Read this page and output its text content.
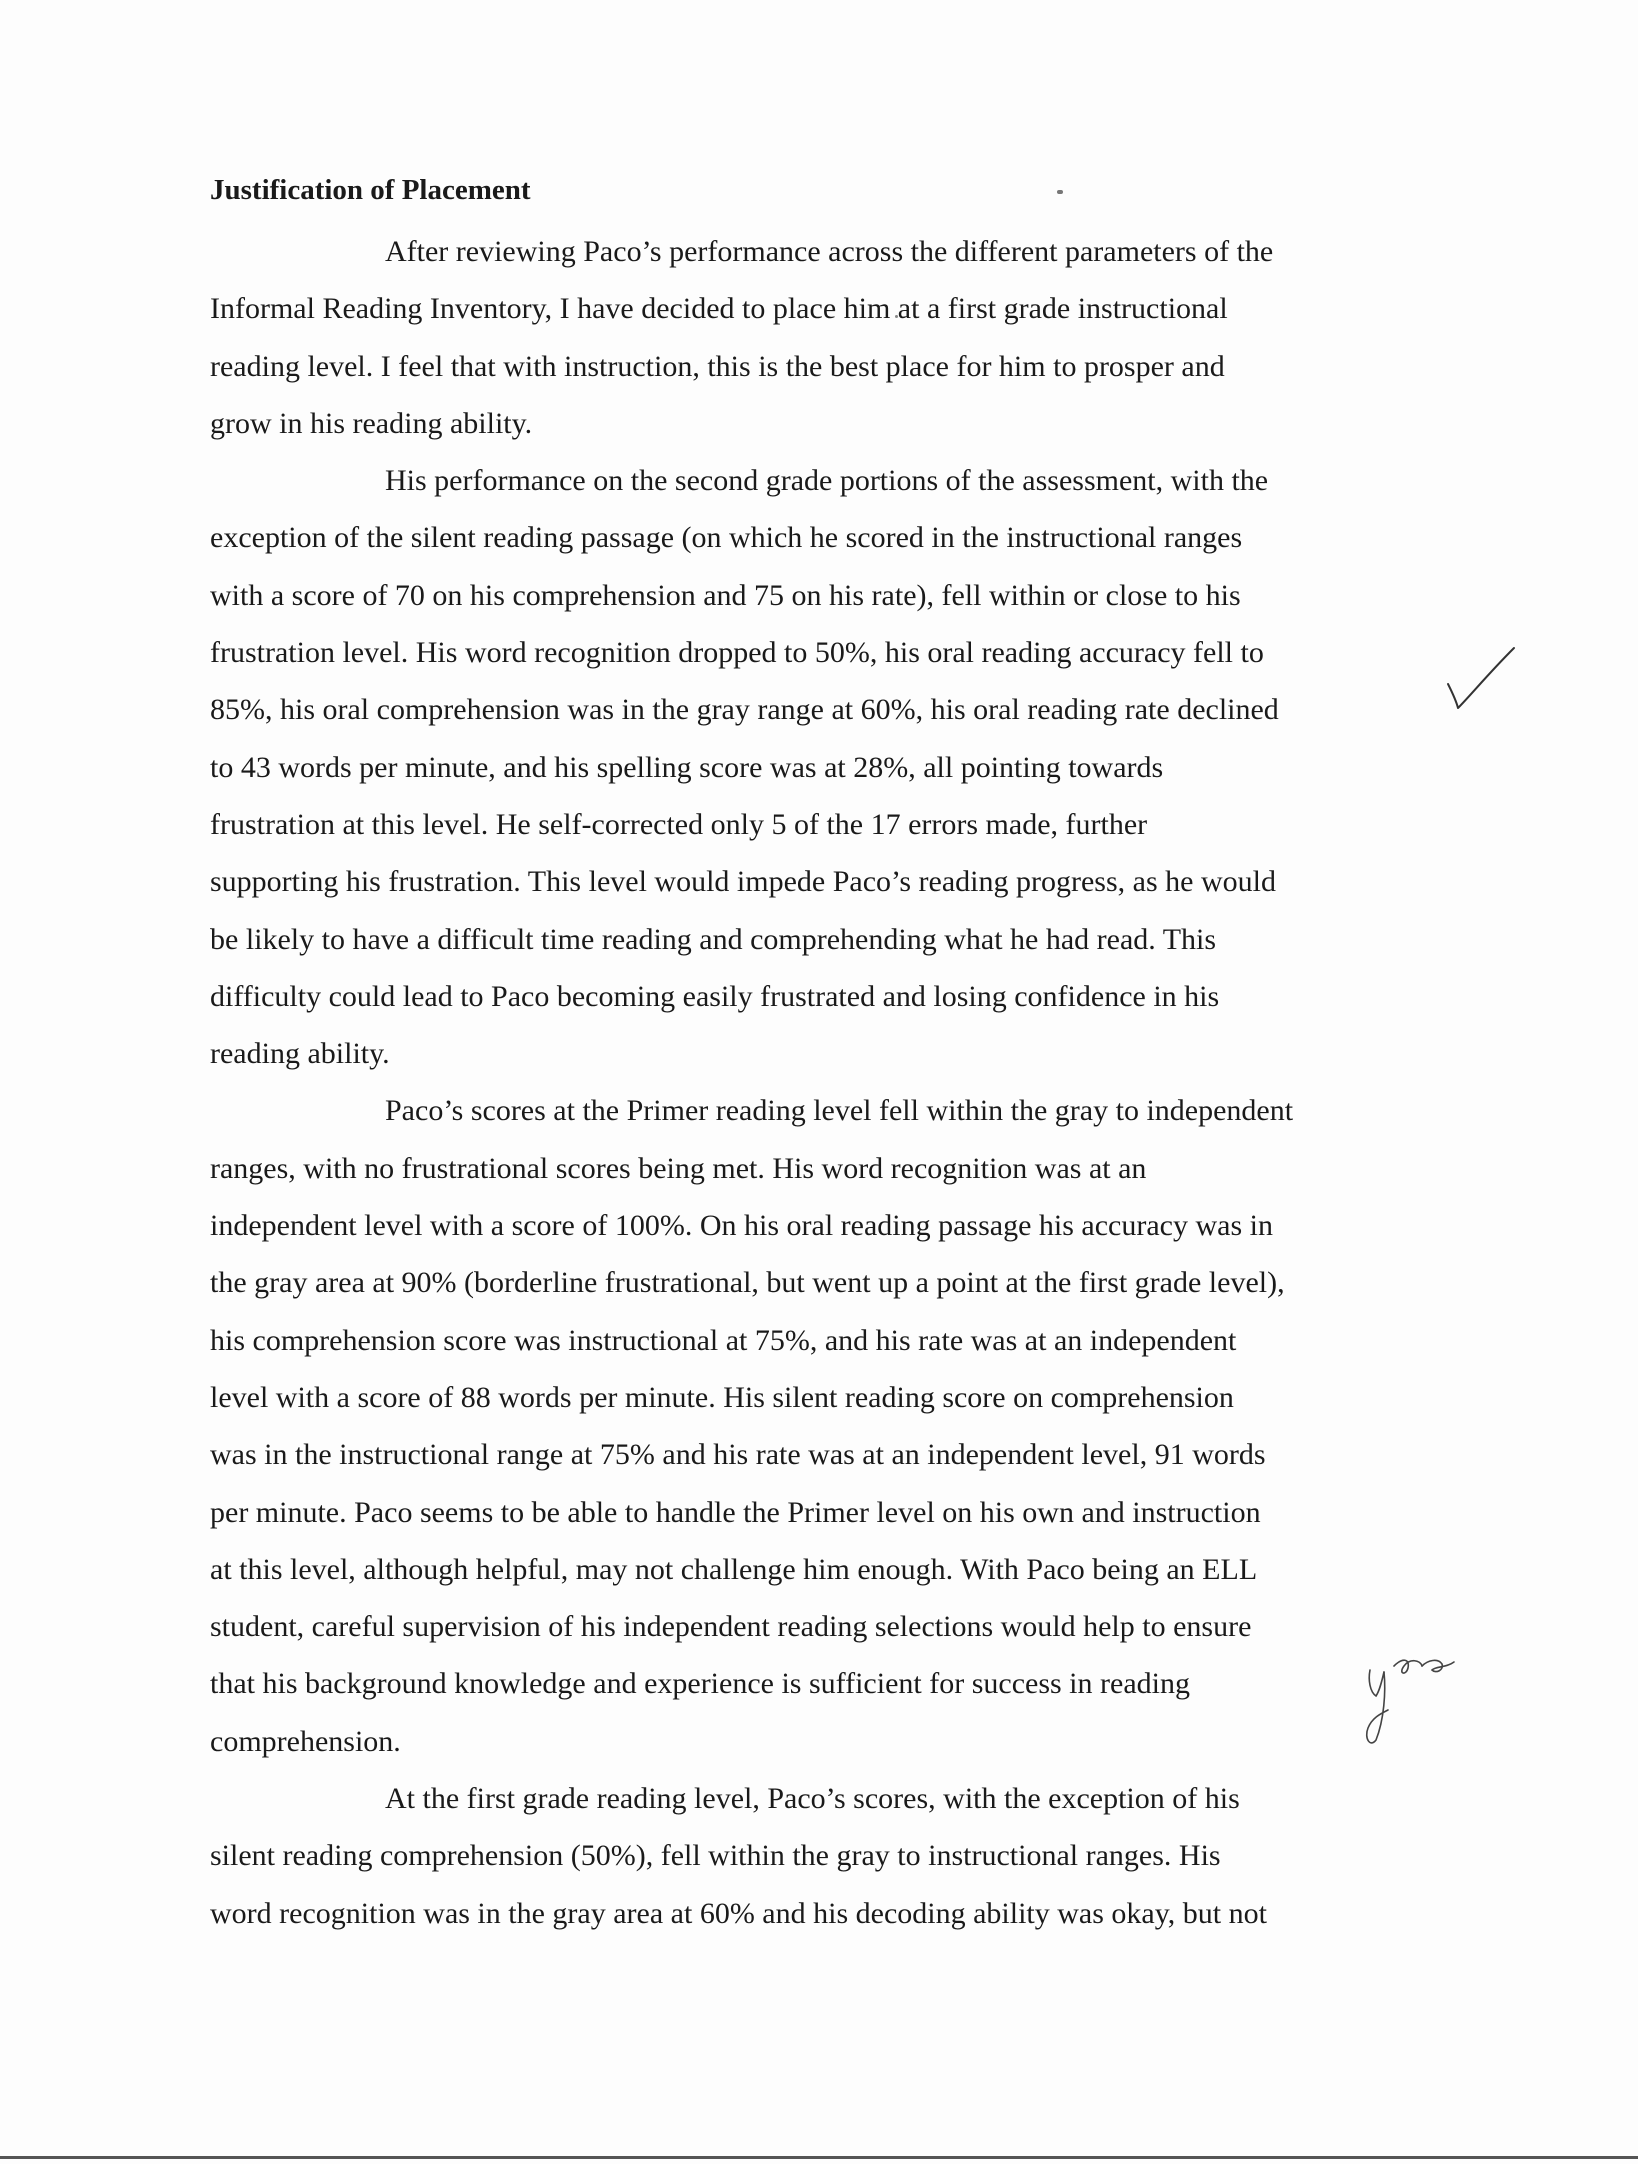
Justification of Placement
After reviewing Paco’s performance across the different parameters of the
Informal Reading Inventory, I have decided to place him at a first grade instructional
reading level. I feel that with instruction, this is the best place for him to prosper and
grow in his reading ability.
His performance on the second grade portions of the assessment, with the
exception of the silent reading passage (on which he scored in the instructional ranges
with a score of 70 on his comprehension and 75 on his rate), fell within or close to his
frustration level. His word recognition dropped to 50%, his oral reading accuracy fell to
85%, his oral comprehension was in the gray range at 60%, his oral reading rate declined
to 43 words per minute, and his spelling score was at 28%, all pointing towards
frustration at this level. He self-corrected only 5 of the 17 errors made, further
supporting his frustration. This level would impede Paco’s reading progress, as he would
be likely to have a difficult time reading and comprehending what he had read. This
difficulty could lead to Paco becoming easily frustrated and losing confidence in his
reading ability.
Paco’s scores at the Primer reading level fell within the gray to independent
ranges, with no frustrational scores being met. His word recognition was at an
independent level with a score of 100%. On his oral reading passage his accuracy was in
the gray area at 90% (borderline frustrational, but went up a point at the first grade level),
his comprehension score was instructional at 75%, and his rate was at an independent
level with a score of 88 words per minute. His silent reading score on comprehension
was in the instructional range at 75% and his rate was at an independent level, 91 words
per minute. Paco seems to be able to handle the Primer level on his own and instruction
at this level, although helpful, may not challenge him enough. With Paco being an ELL
student, careful supervision of his independent reading selections would help to ensure
that his background knowledge and experience is sufficient for success in reading
comprehension.
At the first grade reading level, Paco’s scores, with the exception of his
silent reading comprehension (50%), fell within the gray to instructional ranges. His
word recognition was in the gray area at 60% and his decoding ability was okay, but not
